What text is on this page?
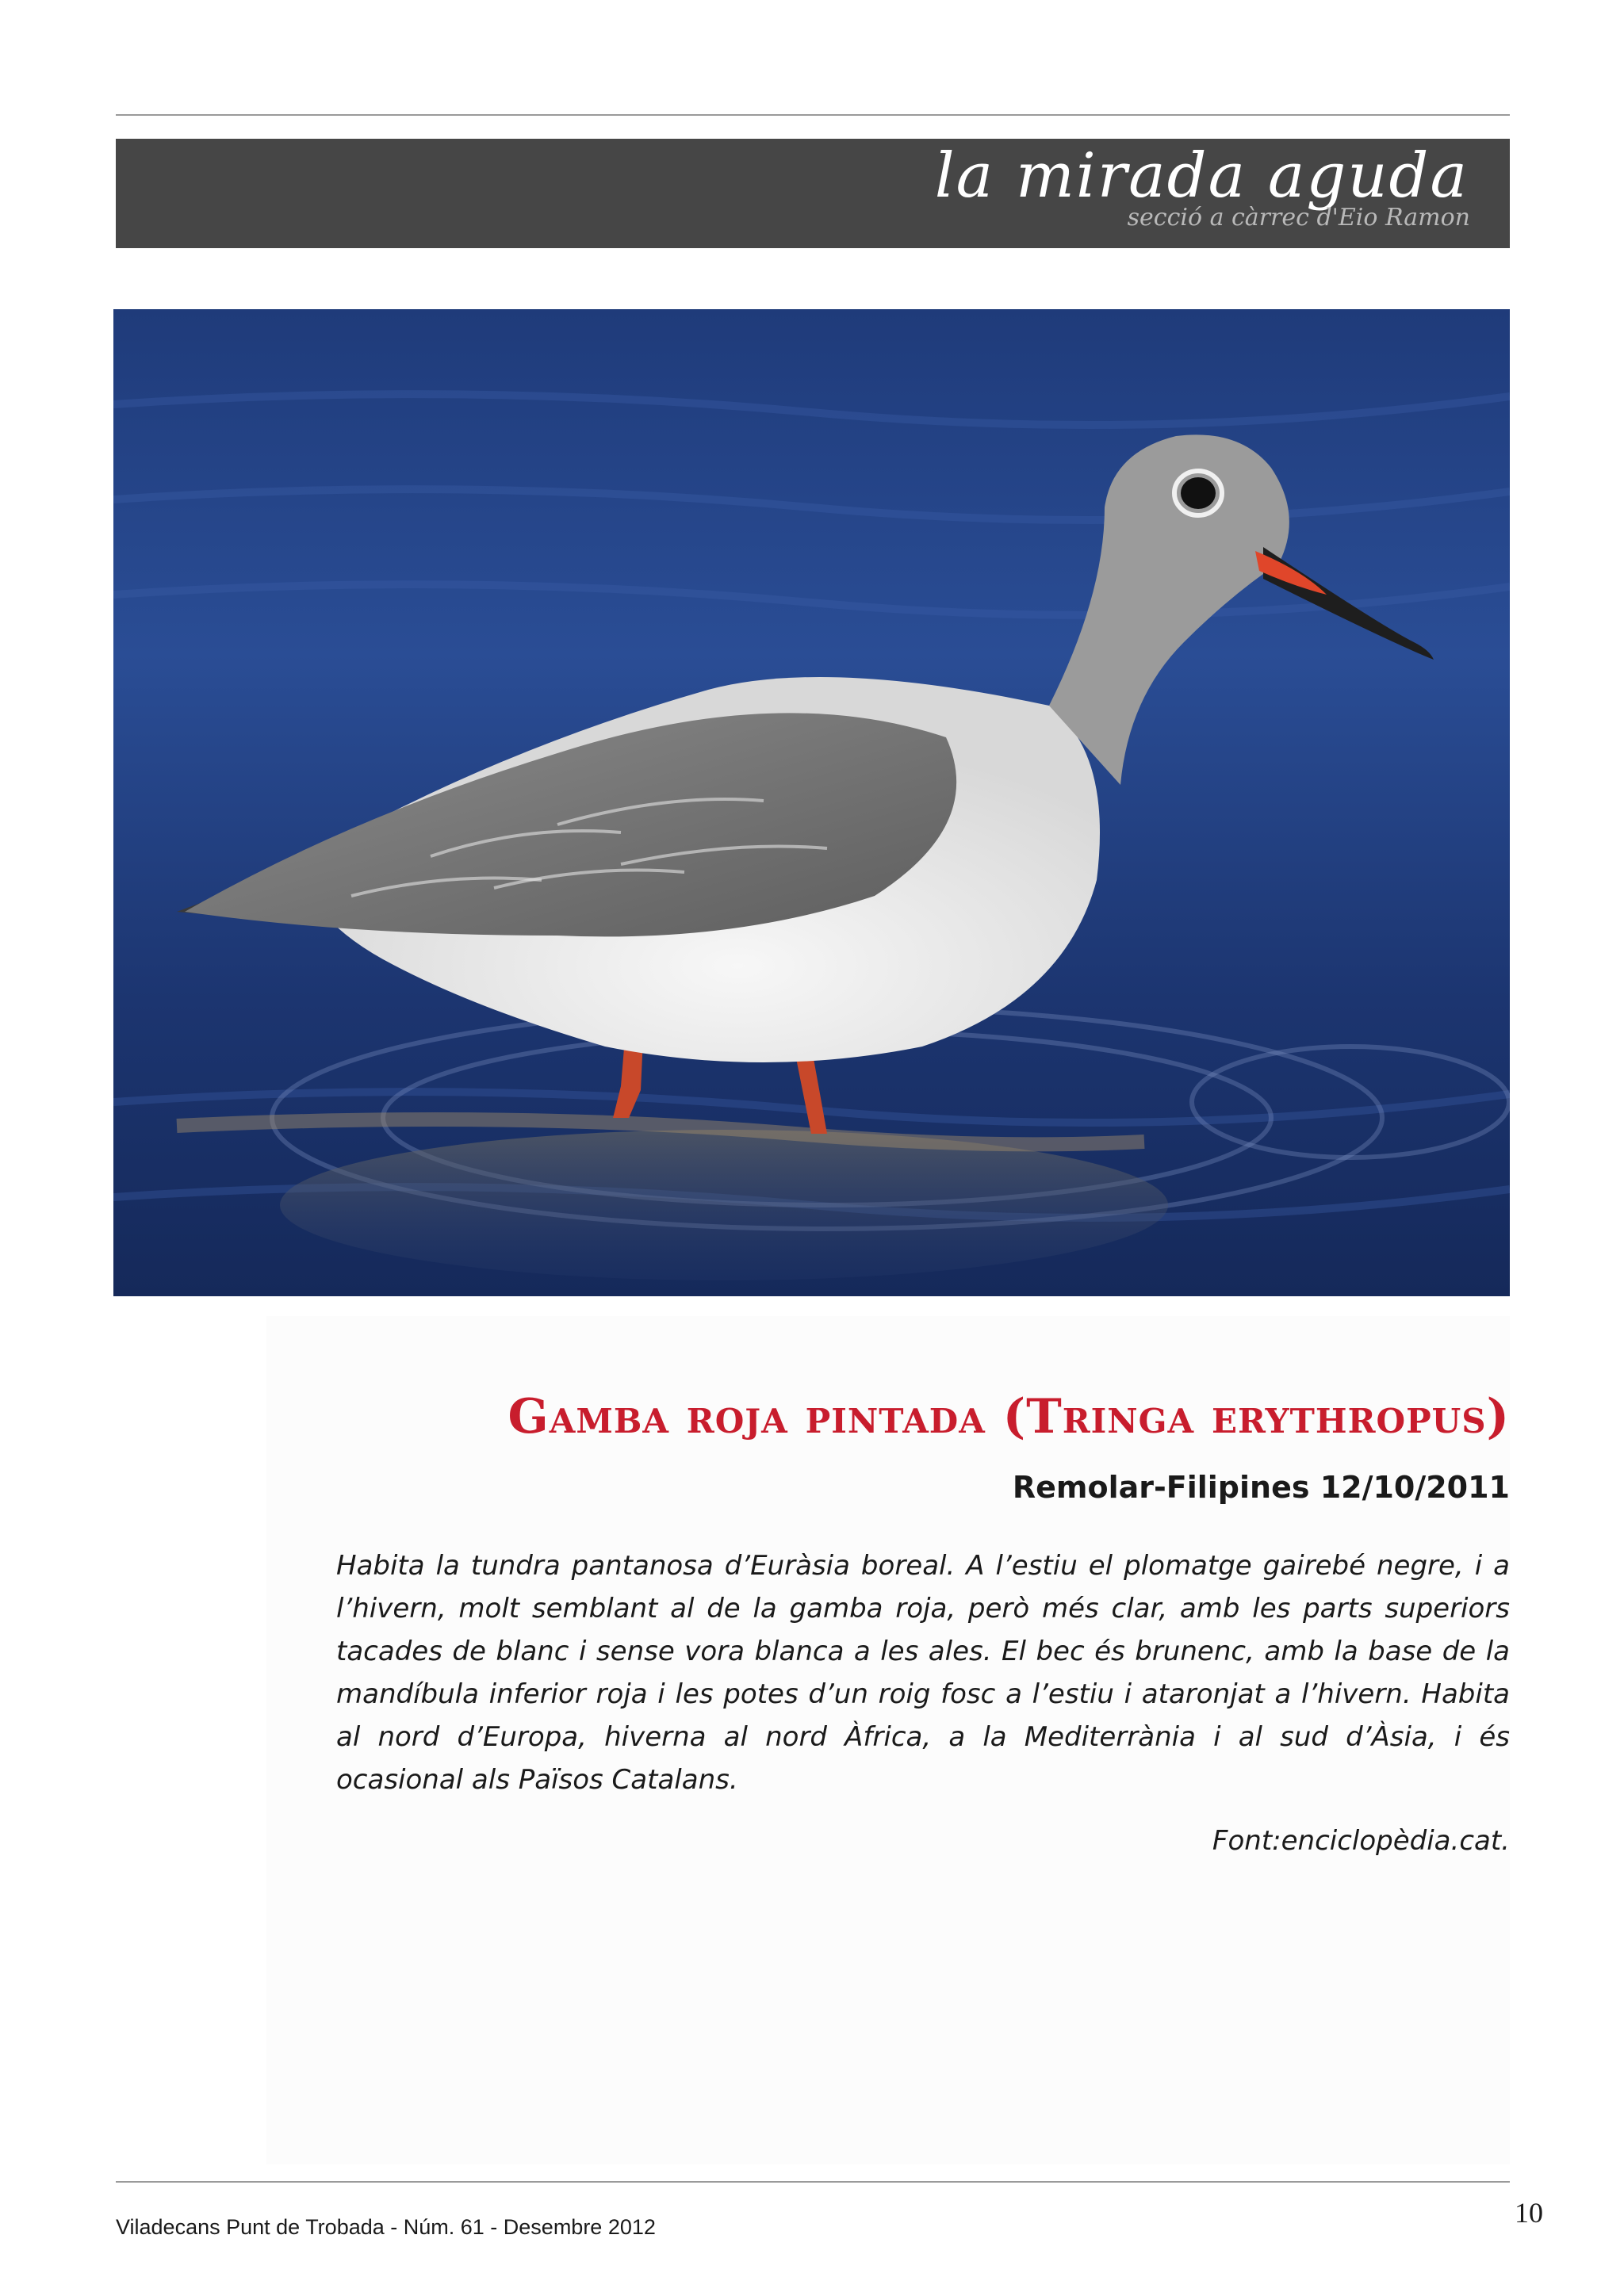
la mirada aguda
secció a càrrec d'Eio Ramon
Gamba roja pintada (Tringa erythropus)
Remolar-Filipines 12/10/2011

Habita la tundra pantanosa d’Euràsia boreal. A l’estiu el plomatge gairebé negre, i a l’hivern, molt semblant al de la gamba roja, però més clar, amb les parts superiors tacades de blanc i sense vora blanca a les ales. El bec és brunenc, amb la base de la mandíbula inferior roja i les potes d’un roig fosc a l’estiu i ataronjat a l’hivern. Habita al nord d’Europa, hiverna al nord Àfrica, a la Mediterrània i al sud d’Àsia, i és ocasional als Països Catalans.

Font:enciclopèdia.cat.
Viladecans Punt de Trobada - Núm. 61 - Desembre 2012	10
